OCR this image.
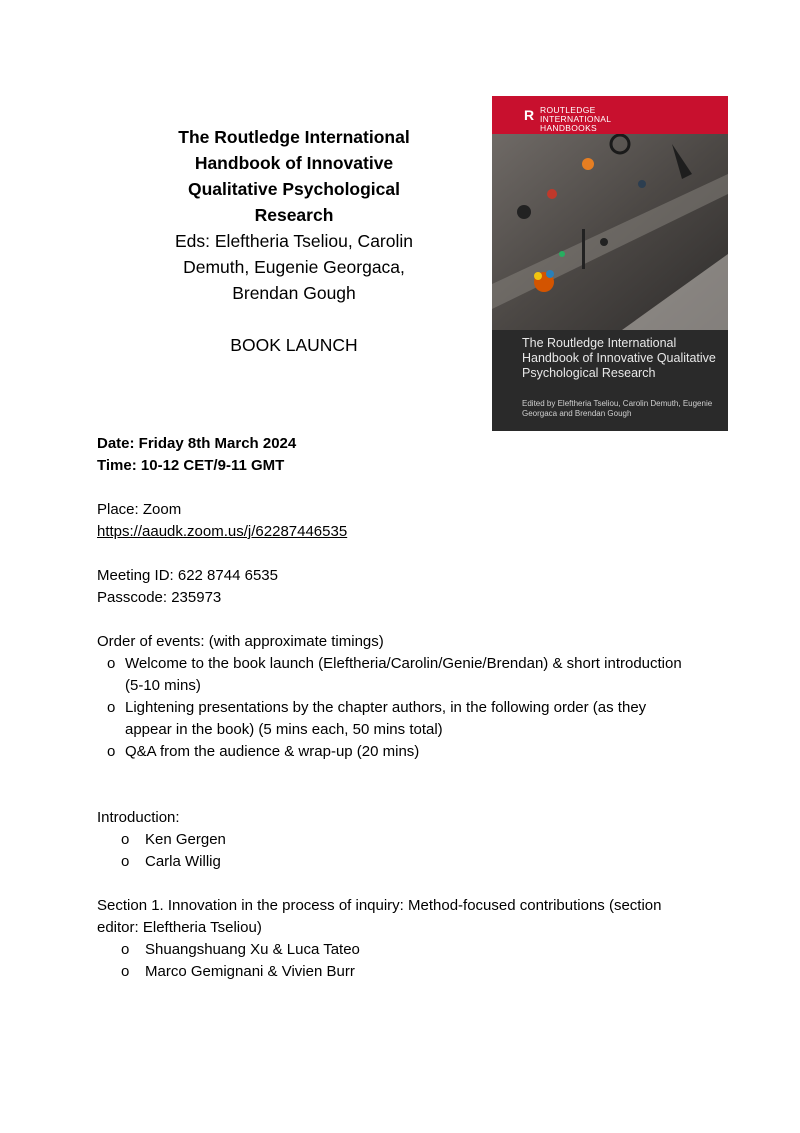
The Routledge International
Handbook of Innovative
Qualitative Psychological
Research
Eds: Eleftheria Tseliou, Carolin
Demuth, Eugenie Georgaca,
Brendan Gough
BOOK LAUNCH
R ROUTLEDGE
INTERNATIONAL
HANDBOOKS
The Routledge International Handbook of Innovative Qualitative Psychological Research
Edited by Eleftheria Tseliou, Carolin Demuth, Eugenie Georgaca and Brendan Gough
Date: Friday 8th March 2024
Time: 10-12 CET/9-11 GMT
Place: Zoom
https://aaudk.zoom.us/j/62287446535
Meeting ID: 622 8744 6535
Passcode: 235973
Order of events: (with approximate timings)
o Welcome to the book launch (Eleftheria/Carolin/Genie/Brendan) & short introduction (5-10 mins)
o Lightening presentations by the chapter authors, in the following order (as they appear in the book) (5 mins each, 50 mins total)
o Q&A from the audience & wrap-up (20 mins)
Introduction:
o Ken Gergen
o Carla Willig
Section 1. Innovation in the process of inquiry: Method-focused contributions (section editor: Eleftheria Tseliou)
o Shuangshuang Xu & Luca Tateo
o Marco Gemignani & Vivien Burr
